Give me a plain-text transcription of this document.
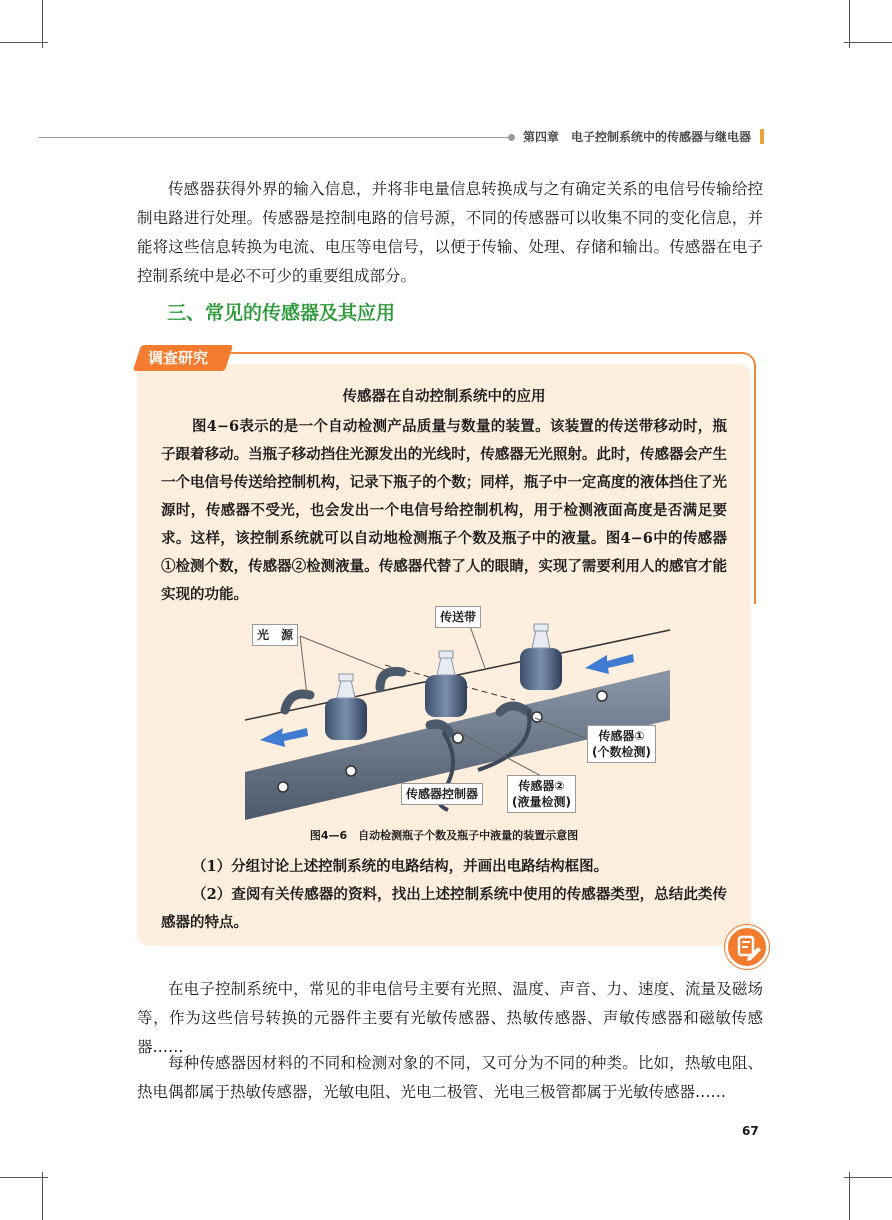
第四章　电子控制系统中的传感器与继电器

传感器获得外界的输入信息，并将非电量信息转换成与之有确定关系的电信号传输给控制电路进行处理。传感器是控制电路的信号源，不同的传感器可以收集不同的变化信息，并能将这些信息转换为电流、电压等电信号，以便于传输、处理、存储和输出。传感器在电子控制系统中是必不可少的重要组成部分。

三、常见的传感器及其应用
调查研究
传感器在自动控制系统中的应用

图4−6表示的是一个自动检测产品质量与数量的装置。该装置的传送带移动时，瓶子跟着移动。当瓶子移动挡住光源发出的光线时，传感器无光照射。此时，传感器会产生一个电信号传送给控制机构，记录下瓶子的个数；同样，瓶子中一定高度的液体挡住了光源时，传感器不受光，也会发出一个电信号给控制机构，用于检测液面高度是否满足要求。这样，该控制系统就可以自动地检测瓶子个数及瓶子中的液量。图4−6中的传感器①检测个数，传感器②检测液量。传感器代替了人的眼睛，实现了需要利用人的感官才能实现的功能。

光　源
传送带
传感器①
(个数检测)
传感器②
(液量检测)
传感器控制器
图4—6　自动检测瓶子个数及瓶子中液量的装置示意图

（1）分组讨论上述控制系统的电路结构，并画出电路结构框图。

（2）查阅有关传感器的资料，找出上述控制系统中使用的传感器类型，总结此类传感器的特点。

在电子控制系统中，常见的非电信号主要有光照、温度、声音、力、速度、流量及磁场等，作为这些信号转换的元器件主要有光敏传感器、热敏传感器、声敏传感器和磁敏传感器……

每种传感器因材料的不同和检测对象的不同，又可分为不同的种类。比如，热敏电阻、热电偶都属于热敏传感器，光敏电阻、光电二极管、光电三极管都属于光敏传感器……

67
